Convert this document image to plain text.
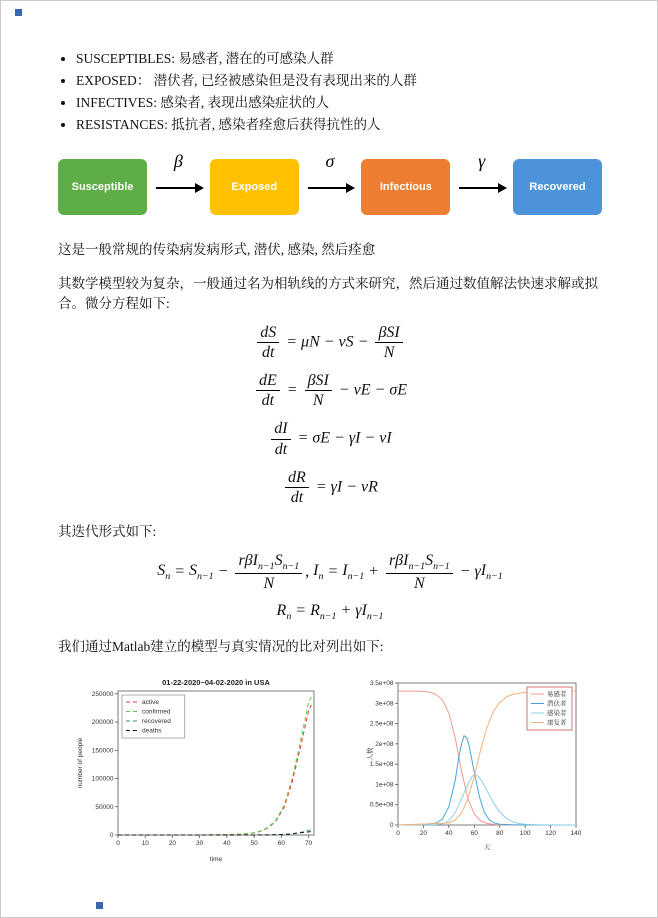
• SUSCEPTIBLES: 易感者, 潜在的可感染人群
• EXPOSED： 潜伏者, 已经被感染但是没有表现出来的人群
• INFECTIVES: 感染者, 表现出感染症状的人
• RESISTANCES: 抵抗者, 感染者痊愈后获得抗性的人
Susceptible
β
Exposed
σ
Infectious
γ
Recovered

这是一般常规的传染病发病形式, 潜伏, 感染, 然后痊愈

其数学模型较为复杂，一般通过名为相轨线的方式来研究，然后通过数值解法快速求解或拟合。微分方程如下:

$\frac{dS}{dt} = \mu N - \nu S - \frac{\text{βSI}}{N}$
$\frac{dE}{dt} = \frac{\text{βSI}}{N} - \nu E - \sigma E$
$\frac{dI}{dt} = \sigma E - \gamma I - \nu I$
$\frac{dR}{dt} = \gamma I - \nu R$

其迭代形式如下:

$S_n = S_{n-1} - \frac{r\beta I_{n-1}S_{n-1}}{N}$ , $I_n = I_{n-1} + \frac{r\beta I_{n-1}S_{n-1}}{N} - \gamma I_{n-1}$
$R_n = R_{n-1} + \gamma I_{n-1}$

我们通过Matlab建立的模型与真实情况的比对列出如下:

0	10	20	30	40	50	60	70
0
50000
100000
150000
200000
250000
01-22-2020~04-02-2020 in USA
time
number of people
active
confirmed
recovered
deaths
0	20	40	60	80	100 120 140
0
0.5e+08
1e+08
1.5e+08
2e+08
2.5e+08
3e+08
3.5e+08
天
人数
易感者
潜伏者
感染者
康复者
